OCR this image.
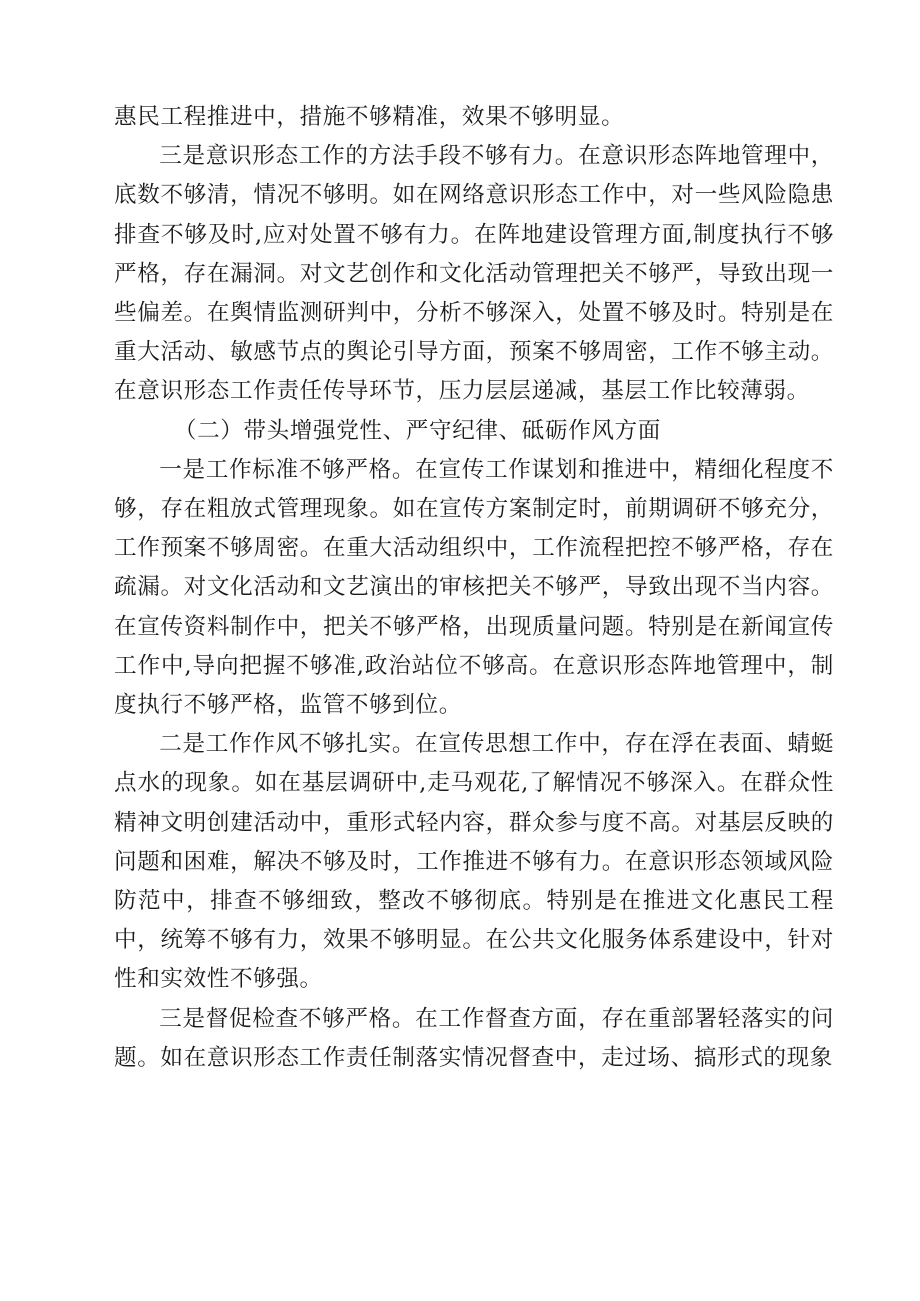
惠民工程推进中，措施不够精准，效果不够明显。

三是意识形态工作的方法手段不够有力。在意识形态阵地管理中，底数不够清，情况不够明。如在网络意识形态工作中，对一些风险隐患排查不够及时,应对处置不够有力。在阵地建设管理方面,制度执行不够严格，存在漏洞。对文艺创作和文化活动管理把关不够严，导致出现一些偏差。在舆情监测研判中，分析不够深入，处置不够及时。特别是在重大活动、敏感节点的舆论引导方面，预案不够周密，工作不够主动。在意识形态工作责任传导环节，压力层层递减，基层工作比较薄弱。

（二）带头增强党性、严守纪律、砥砺作风方面

一是工作标准不够严格。在宣传工作谋划和推进中，精细化程度不够，存在粗放式管理现象。如在宣传方案制定时，前期调研不够充分，工作预案不够周密。在重大活动组织中，工作流程把控不够严格，存在疏漏。对文化活动和文艺演出的审核把关不够严，导致出现不当内容。在宣传资料制作中，把关不够严格，出现质量问题。特别是在新闻宣传工作中,导向把握不够准,政治站位不够高。在意识形态阵地管理中，制度执行不够严格，监管不够到位。

二是工作作风不够扎实。在宣传思想工作中，存在浮在表面、蜻蜓点水的现象。如在基层调研中,走马观花,了解情况不够深入。在群众性精神文明创建活动中，重形式轻内容，群众参与度不高。对基层反映的问题和困难，解决不够及时，工作推进不够有力。在意识形态领域风险防范中，排查不够细致，整改不够彻底。特别是在推进文化惠民工程中，统筹不够有力，效果不够明显。在公共文化服务体系建设中，针对性和实效性不够强。

三是督促检查不够严格。在工作督查方面，存在重部署轻落实的问题。如在意识形态工作责任制落实情况督查中，走过场、搞形式的现象
